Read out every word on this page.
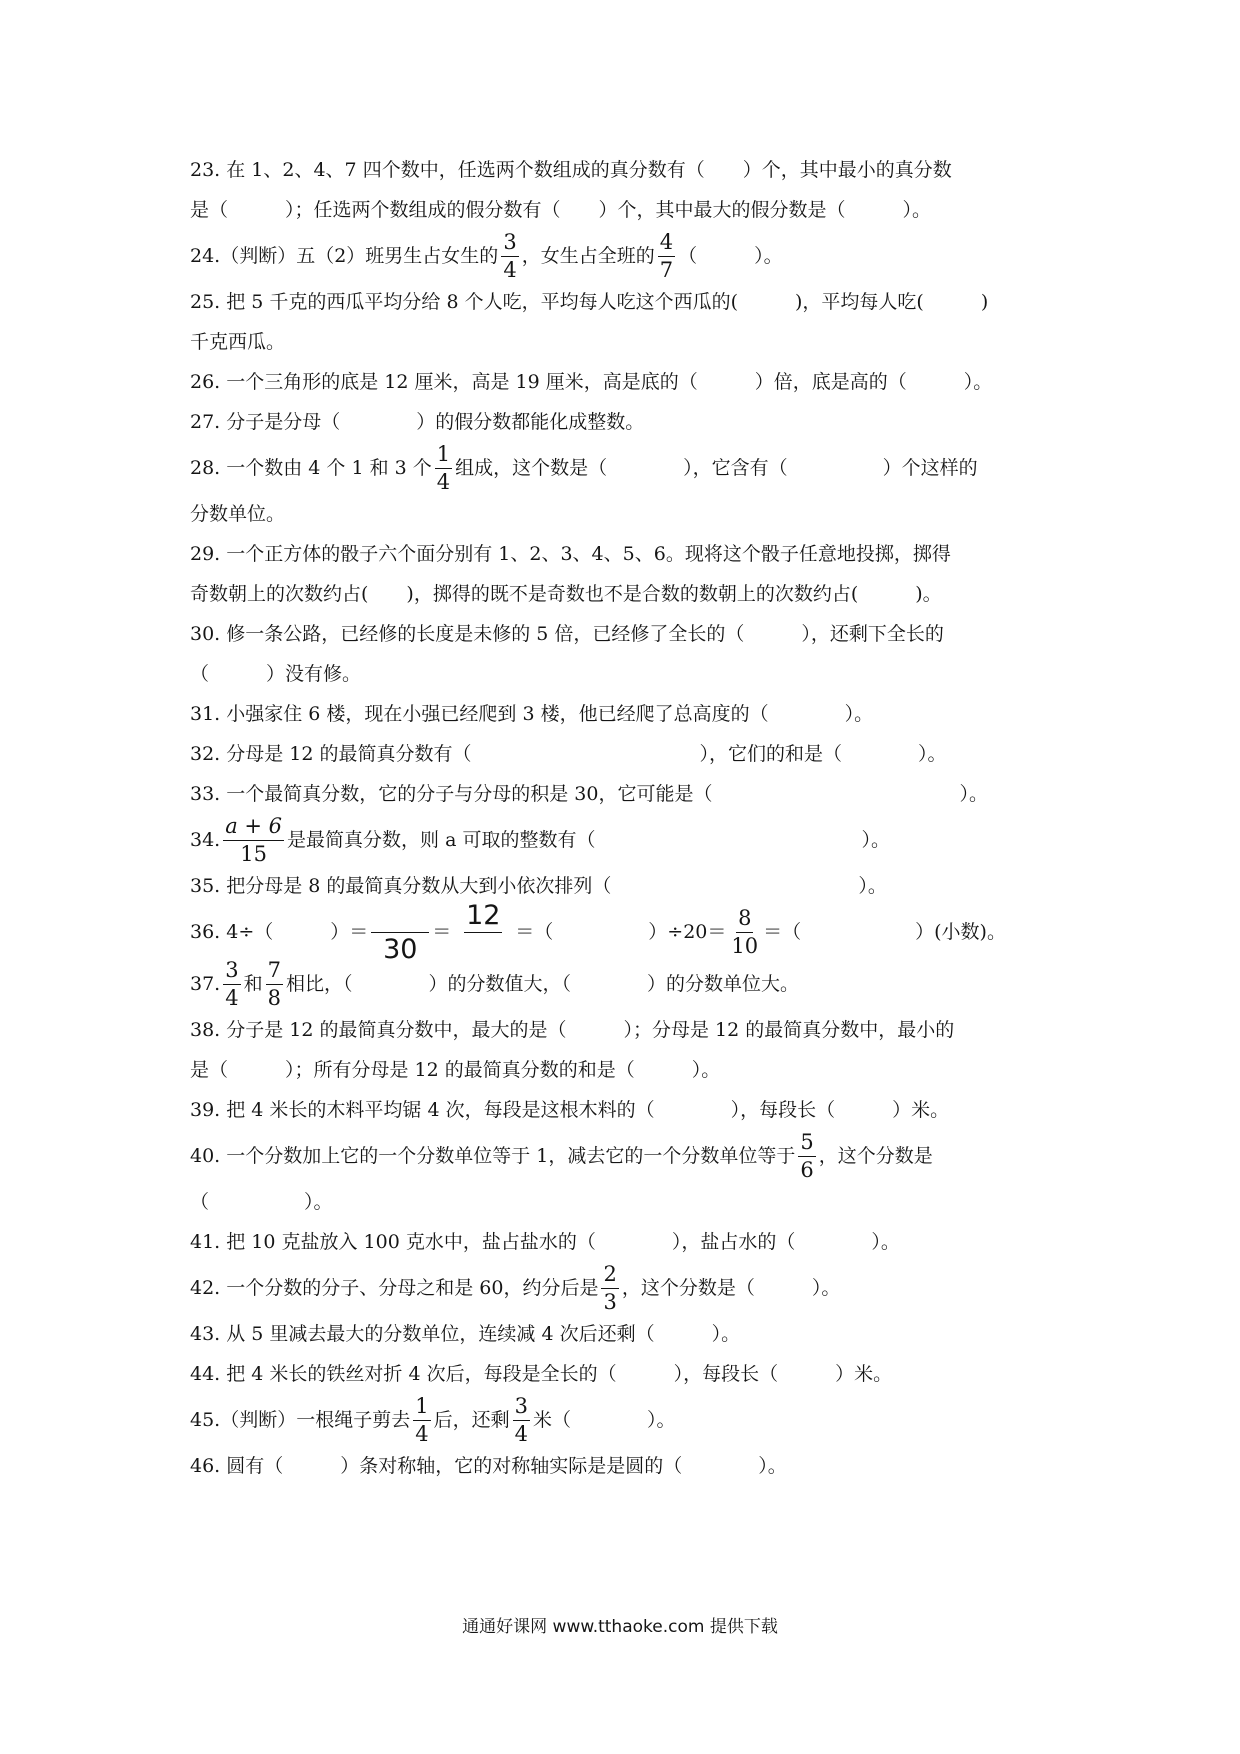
23. 在 1、2、4、7 四个数中，任选两个数组成的真分数有（　　）个，其中最小的真分数
是（　　　）；任选两个数组成的假分数有（　　）个，其中最大的假分数是（　　　）。
24.（判断）五（2）班男生占女生的 $\frac{3}{4}$ ，女生占全班的 $\frac{4}{7}$ （　　　）。
25. 把 5 千克的西瓜平均分给 8 个人吃，平均每人吃这个西瓜的(　　　)，平均每人吃(　　　)
千克西瓜。
26. 一个三角形的底是 12 厘米，高是 19 厘米，高是底的（　　　）倍，底是高的（　　　）。
27. 分子是分母（　　　　）的假分数都能化成整数。
28. 一个数由 4 个 1 和 3 个 $\frac{1}{4}$ 组成，这个数是（　　　　），它含有（　　　　　）个这样的
分数单位。
29. 一个正方体的骰子六个面分别有 1、2、3、4、5、6。现将这个骰子任意地投掷，掷得
奇数朝上的次数约占(　　)，掷得的既不是奇数也不是合数的数朝上的次数约占(　　　)。
30. 修一条公路，已经修的长度是未修的 5 倍，已经修了全长的（　　　），还剩下全长的
（　　　）没有修。
31. 小强家住 6 楼，现在小强已经爬到 3 楼，他已经爬了总高度的（　　　　）。
32. 分母是 12 的最简真分数有（　　　　　　　　　　　　），它们的和是（　　　　）。
33. 一个最简真分数，它的分子与分母的积是 30，它可能是（　　　　　　　　　　　　　）。
34. $\frac{a + 6}{15}$ 是最简真分数，则 a 可取的整数有（　　　　　　　　　　　　　　）。
35. 把分母是 8 的最简真分数从大到小依次排列（　　　　　　　　　　　　　）。
36. 4÷（　　　）＝

30
＝
12

＝（　　　　　）$\div 20= \frac{8}{10}$ ＝（　　　　　　）(小数)。
37. $\frac{3}{4}$ 和 $\frac{7}{8}$ 相比，（　　　　）的分数值大，（　　　　）的分数单位大。
38. 分子是 12 的最简真分数中，最大的是（　　　）；分母是 12 的最简真分数中，最小的
是（　　　）；所有分母是 12 的最简真分数的和是（　　　）。
39. 把 4 米长的木料平均锯 4 次，每段是这根木料的（　　　　），每段长（　　　）米。
40. 一个分数加上它的一个分数单位等于 1，减去它的一个分数单位等于 $\frac{5}{6}$ ，这个分数是
（　　　　　）。
41. 把 10 克盐放入 100 克水中，盐占盐水的（　　　　），盐占水的（　　　　）。
42. 一个分数的分子、分母之和是 60，约分后是 $\frac{2}{3}$ ，这个分数是（　　　）。
43. 从 5 里减去最大的分数单位，连续减 4 次后还剩（　　　）。
44. 把 4 米长的铁丝对折 4 次后，每段是全长的（　　　），每段长（　　　）米。
45.（判断）一根绳子剪去 $\frac{1}{4}$ 后，还剩 $\frac{3}{4}$ 米（　　　　）。
46. 圆有（　　　）条对称轴，它的对称轴实际是是圆的（　　　　）。
通通好课网 www.tthaoke.com 提供下载
